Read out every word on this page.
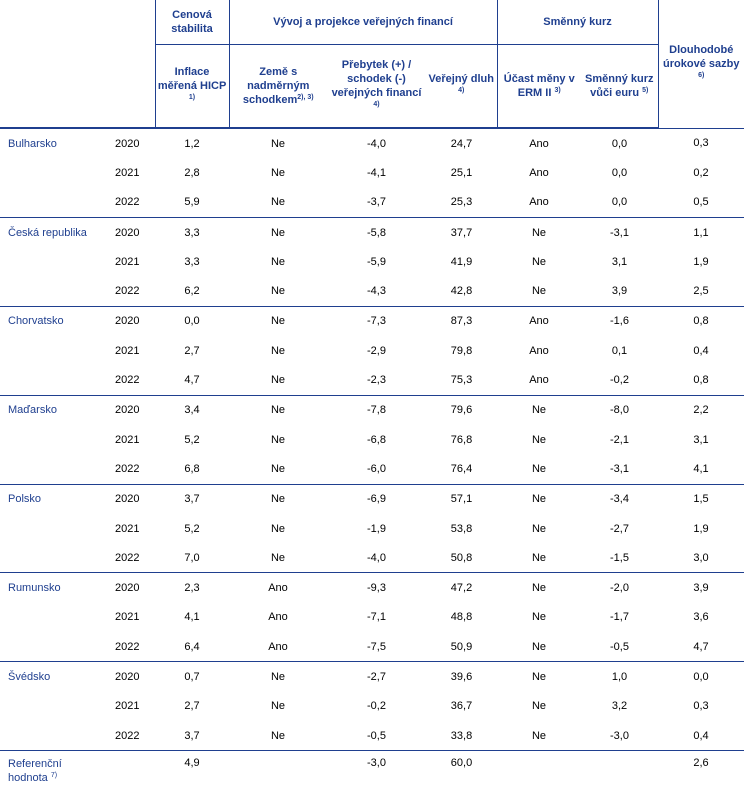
		Cenová stabilita	Vývoj a projekce veřejných financí			Směnný kurz		Dlouhodobé úrokové sazby $^{6)}$
		Inflace měřená HICP $^{1)}$	Země s nadměrným schodkem$^{2), 3)}$	Přebytek (+) / schodek (-) veřejných financí $^{4)}$	Veřejný dluh $^{4)}$	Účast měny v ERM II $^{3)}$	Směnný kurz vůči euru $^{5)}$
Bulharsko	2020	1,2	Ne	-4,0	24,7	Ano	0,0	0,3
	2021	2,8	Ne	-4,1	25,1	Ano	0,0	0,2
	2022	5,9	Ne	-3,7	25,3	Ano	0,0	0,5
Česká republika	2020	3,3	Ne	-5,8	37,7	Ne	-3,1	1,1
	2021	3,3	Ne	-5,9	41,9	Ne	3,1	1,9
	2022	6,2	Ne	-4,3	42,8	Ne	3,9	2,5
Chorvatsko	2020	0,0	Ne	-7,3	87,3	Ano	-1,6	0,8
	2021	2,7	Ne	-2,9	79,8	Ano	0,1	0,4
	2022	4,7	Ne	-2,3	75,3	Ano	-0,2	0,8
Maďarsko	2020	3,4	Ne	-7,8	79,6	Ne	-8,0	2,2
	2021	5,2	Ne	-6,8	76,8	Ne	-2,1	3,1
	2022	6,8	Ne	-6,0	76,4	Ne	-3,1	4,1
Polsko	2020	3,7	Ne	-6,9	57,1	Ne	-3,4	1,5
	2021	5,2	Ne	-1,9	53,8	Ne	-2,7	1,9
	2022	7,0	Ne	-4,0	50,8	Ne	-1,5	3,0
Rumunsko	2020	2,3	Ano	-9,3	47,2	Ne	-2,0	3,9
	2021	4,1	Ano	-7,1	48,8	Ne	-1,7	3,6
	2022	6,4	Ano	-7,5	50,9	Ne	-0,5	4,7
Švédsko	2020	0,7	Ne	-2,7	39,6	Ne	1,0	0,0
	2021	2,7	Ne	-0,2	36,7	Ne	3,2	0,3
	2022	3,7	Ne	-0,5	33,8	Ne	-3,0	0,4
Referenční
hodnota $^{7)}$		4,9		-3,0	60,0			2,6
